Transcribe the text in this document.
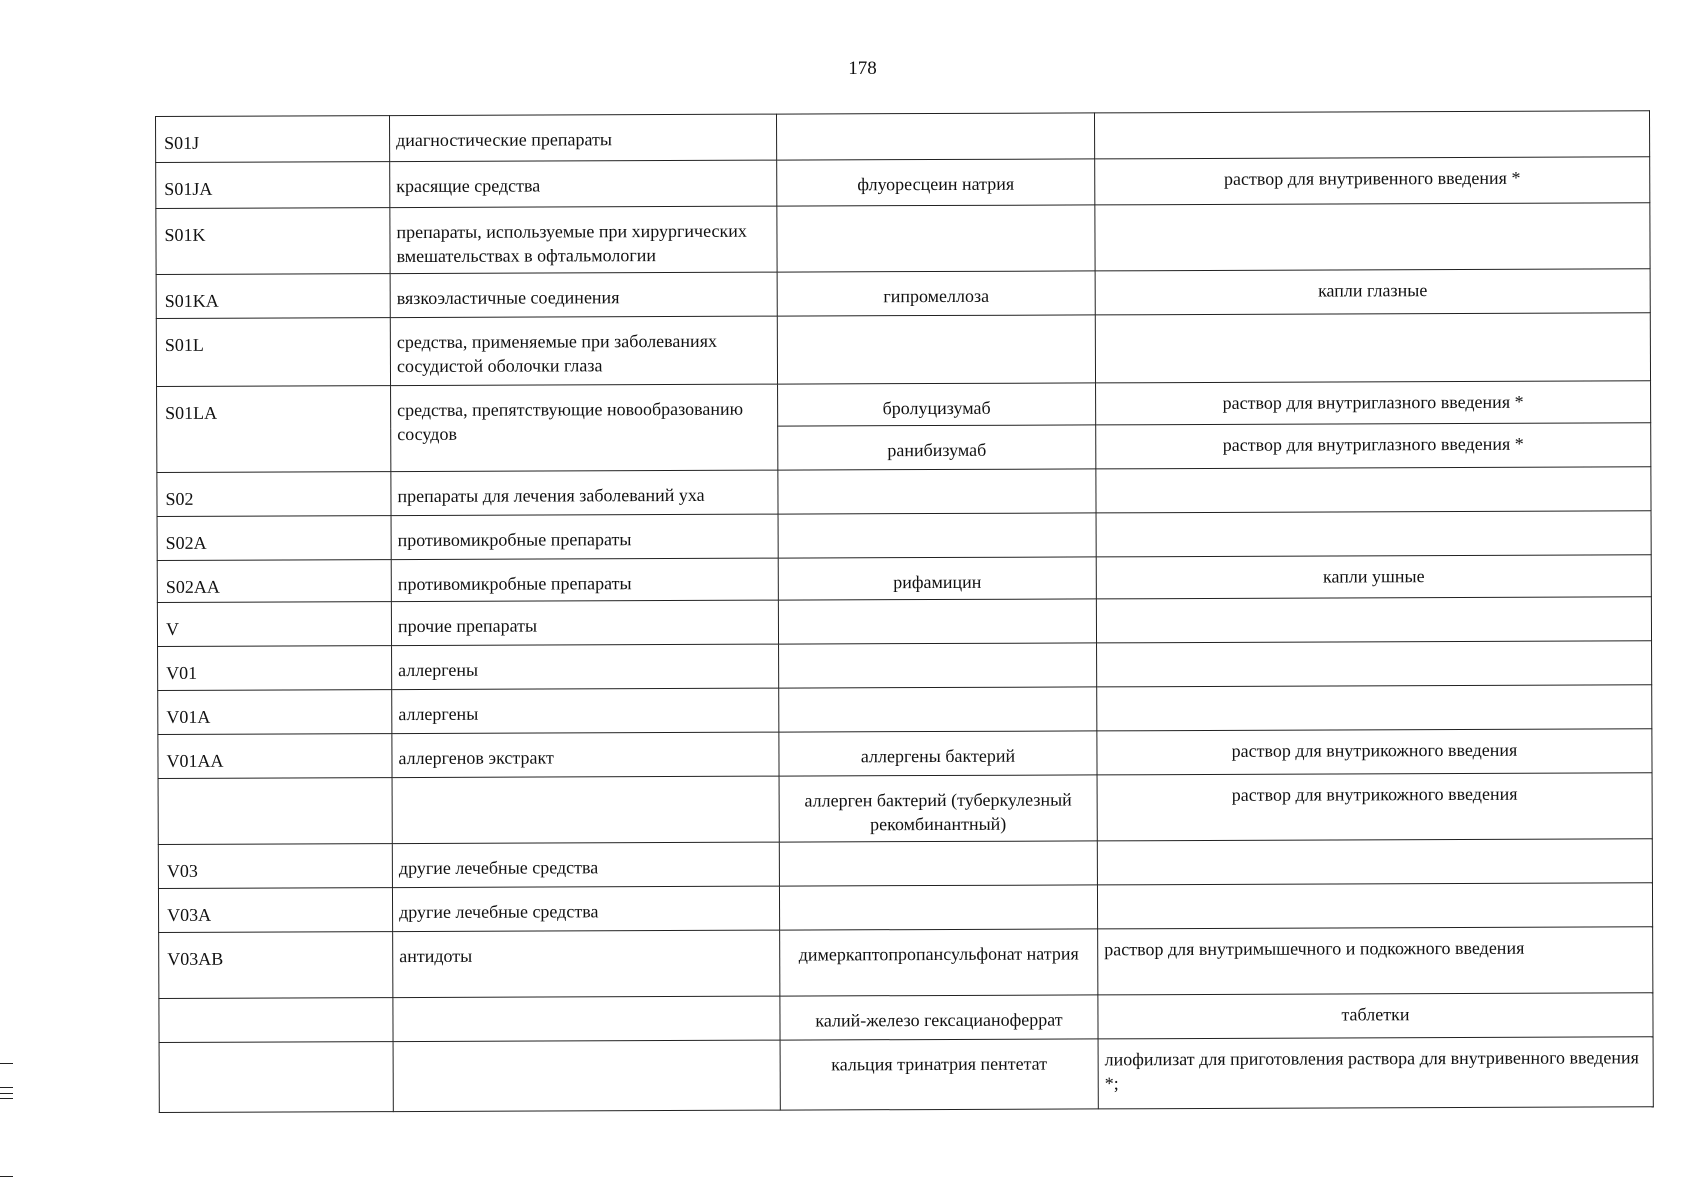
178
S01J	диагностические препараты		
S01JA	красящие средства	флуоресцеин натрия	раствор для внутривенного введения *
S01K	препараты, используемые при хирургических вмешательствах в офтальмологии		
S01KA	вязкоэластичные соединения	гипромеллоза	капли глазные
S01L	средства, применяемые при заболеваниях сосудистой оболочки глаза		
S01LA	средства, препятствующие новообразованию сосудов	бролуцизумаб	раствор для внутриглазного введения *
		ранибизумаб	раствор для внутриглазного введения *
S02	препараты для лечения заболеваний уха		
S02A	противомикробные препараты		
S02AA	противомикробные препараты	рифамицин	капли ушные
V	прочие препараты		
V01	аллергены		
V01A	аллергены		
V01AA	аллергенов экстракт	аллергены бактерий	раствор для внутрикожного введения
		аллерген бактерий (туберкулезный рекомбинантный)	раствор для внутрикожного введения
V03	другие лечебные средства		
V03A	другие лечебные средства		
V03AB	антидоты	димеркаптопропансульфонат натрия	раствор для внутримышечного и подкожного введения
		калий-железо гексацианоферрат	таблетки
		кальция тринатрия пентетат	лиофилизат для приготовления раствора для внутривенного введения *;
